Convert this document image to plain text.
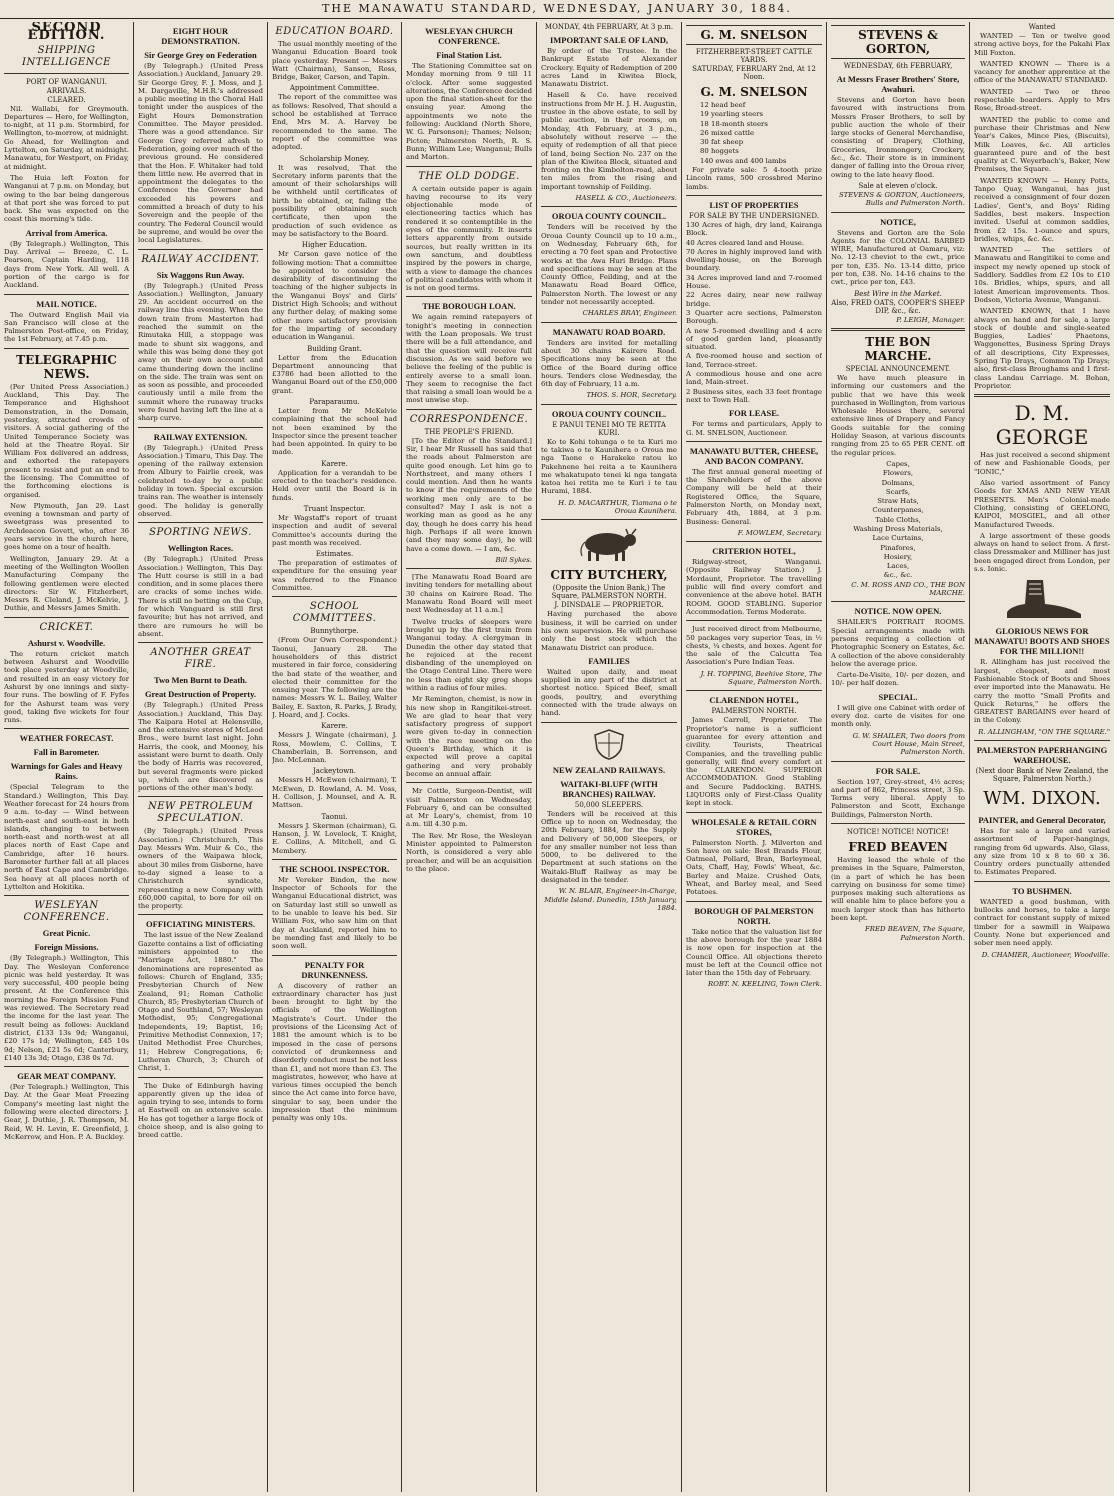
THE MANAWATU STANDARD, WEDNESDAY, JANUARY 30, 1884.
SECOND EDITION.
SHIPPING INTELLIGENCE
PORT OF WANGANUI.
ARRIVALS.
CLEARED.

Nil. Wallabi, for Greymouth. Departures — Hero, for Wellington, to-night, at 11 p.m. Stormbird, for Wellington, to-morrow, at midnight. Go Ahead, for Wellington and Lyttelton, on Saturday, at midnight. Manawatu, for Westport, on Friday, at midnight.

The Huia left Foxton for Wanganui at 7 p.m. on Monday, but owing to the bar being dangerous at that port she was forced to put back. She was expected on the coast this morning's tide.

Arrival from America.

(By Telegraph.) Wellington, This Day. Arrival — Breeze, C. L. Pearson, Captain Harding, 118 days from New York. All well. A portion of the cargo is for Auckland.

MAIL NOTICE.

The Outward English Mail via San Francisco will close at the Palmerston Post-office, on Friday, the 1st February, at 7.45 p.m.

TELEGRAPHIC NEWS.

(Per United Press Association.) Auckland, This Day. The Temperance and Highshoot Demonstration, in the Domain, yesterday, attracted crowds of visitors. A social gathering of the United Temperance Society was held at the Theatre Royal. Sir William Fox delivered an address, and exhorted the ratepayers present to resist and put an end to the licensing. The Committee of the forthcoming elections is organised.

New Plymouth, Jan 29. Last evening a townsman and party of sweetgrass was presented to Archdeacon Govett, who, after 36 years service in the church here, goes home on a tour of health.

Wellington, January 29. At a meeting of the Wellington Woollen Manufacturing Company the following gentlemen were elected directors: Sir W. Fitzherbert, Messrs R. Cleland, J. McKelvie, J. Duthie, and Messrs James Smith.

CRICKET.
Ashurst v. Woodville.

The return cricket match between Ashurst and Woodville took place yesterday at Woodville, and resulted in an easy victory for Ashurst by one innings and sixty-four runs. The bowling of F. Fyfes for the Ashurst team was very good, taking five wickets for four runs.

WEATHER FORECAST.
Fall in Barometer.
Warnings for Gales and Heavy Rains.

(Special Telegram to the Standard.) Wellington, This Day. Weather forecast for 24 hours from 9 a.m. to-day — Wind between north-east and south-east in both islands, changing to between north-east and north-west at all places north of East Cape and Cambridge, after 16 hours. Barometer further fall at all places north of East Cape and Cambridge. Sea heavy at all places north of Lyttelton and Hokitika.

WESLEYAN CONFERENCE.
Great Picnic.
Foreign Missions.

(By Telegraph.) Wellington, This Day. The Wesleyan Conference picnic was held yesterday. It was very successful, 400 people being present. At the Conference this morning the Foreign Mission Fund was reviewed. The Secretary read the income for the last year. The result being as follows: Auckland district, £133 13s 9d; Wanganui, £20 17s 1d; Wellington, £45 10s 9d; Nelson, £21 5s 6d; Canterbury, £140 13s 3d; Otago, £38 0s 7d.

GEAR MEAT COMPANY.

(Per Telegraph.) Wellington, This Day. At the Gear Meat Freezing Company's meeting last night the following were elected directors: J. Gear, J. Duthie, J. R. Thompson, M. Reid, W. H. Levin, E. Greenfield, J. McKerrow, and Hon. P. A. Buckley.

EIGHT HOUR DEMONSTRATION.
Sir George Grey on Federation

(By Telegraph.) (United Press Association.) Auckland, January 29. Sir George Grey, F. J. Moss, and J. M. Dargaville, M.H.R.'s addressed a public meeting in the Choral Hall tonight under the auspices of the Eight Hours Demonstration Committee. The Mayor presided. There was a good attendance. Sir George Grey referred afresh to Federation, going over much of the previous ground. He considered that the Hon. F. Whitaker had told them little new. He averred that in appointment the delegates to the Conference the Governor had exceeded his powers and committed a breach of duty to his Sovereign and the people of the country. The Federal Council would be supreme, and would be over the local Legislatures.

RAILWAY ACCIDENT.
Six Waggons Run Away.

(By Telegraph.) (United Press Association.) Wellington, January 29. An accident occurred on the railway line this evening. When the down train from Masterton had reached the summit on the Rimutaka Hill, a stoppage was made to shunt six waggons, and while this was being done they got away on their own account and came thundering down the incline on the side. The train was sent on as soon as possible, and proceeded cautiously until a mile from the summit where the runaway trucks were found having left the line at a sharp curve.

RAILWAY EXTENSION.

(By Telegraph.) (United Press Association.) Timaru, This Day. The opening of the railway extension from Albury to Fairlie creek, was celebrated to-day by a public holiday in town. Special excursion trains ran. The weather is intensely good. The holiday is generally observed.

SPORTING NEWS.
Wellington Races.

(By Telegraph.) (United Press Association.) Wellington, This Day. The Hutt course is still in a bad condition, and in some places there are cracks of some inches wide. There is still no betting on the Cup, for which Vanguard is still first favourite; but has not arrived, and there are rumours he will be absent.

ANOTHER GREAT FIRE.
Two Men Burnt to Death.
Great Destruction of Property.

(By Telegraph.) (United Press Association.) Auckland, This Day. The Kaipara Hotel at Helensville, and the extensive stores of McLeod Bros., were burnt last night. John Harris, the cook, and Mooney, his assistant were burnt to death. Only the body of Harris was recovered, but several fragments were picked up, which are discovered as portions of the other man's body.

NEW PETROLEUM SPECULATION.

(By Telegraph.) (United Press Association.) Christchurch, This Day. Messrs Wm. Muir & Co., the owners of the Waipawa block, about 30 miles from Gisborne, have to-day signed a lease to a Christchurch syndicate, representing a new Company with £60,000 capital, to bore for oil on the property.

OFFICIATING MINISTERS.

The last issue of the New Zealand Gazette contains a list of officiating ministers appointed to the "Marriage Act, 1880." The denominations are represented as follows: Church of England, 335; Presbyterian Church of New Zealand, 91; Roman Catholic Church, 85; Presbyterian Church of Otago and Southland, 57; Wesleyan Methodist, 95; Congregational Independents, 19; Baptist, 16; Primitive Methodist Connexion, 17; United Methodist Free Churches, 11; Hebrew Congregations, 6; Lutheran Church, 3; Church of Christ, 1.

The Duke of Edinburgh having apparently given up the idea of again trying to see, intends to form at Eastwell on an extensive scale. He has got together a large flock of choice sheep, and is also going to breed cattle.

EDUCATION BOARD.

The usual monthly meeting of the Wanganui Education Board took place yesterday. Present — Messrs Watt (Chairman), Sanson, Ross, Bridge, Baker, Carson, and Tapin.

Appointment Committee.

The report of the committee was as follows: Resolved, That should a school be established at Terrace End, Mrs M. A. Harvey be recommended to the same. The report of the committee was adopted.

Scholarship Money.

It was resolved, That the Secretary inform parents that the amount of their scholarships will be withheld until certificates of birth be obtained, or, failing the possibility of obtaining such certificate, then upon the production of such evidence as may be satisfactory to the Board.

Higher Education.

Mr Carson gave notice of the following motion: That a committee be appointed to consider the desirability of discontinuing the teaching of the higher subjects in the Wanganui Boys' and Girls' District High Schools; and without any further delay, of making some other more satisfactory provision for the imparting of secondary education in Wanganui.

Building Grant.

Letter from the Education Department announcing that £3786 had been allotted to the Wanganui Board out of the £50,000 grant.

Paraparaumu.

Letter from Mr McKelvie complaining that the school had not been examined by the Inspector since the present teacher had been appointed. In quiry to be made.

Karere.

Application for a verandah to be erected to the teacher's residence. Held over until the Board is in funds.

Truant Inspector.

Mr Wagstaff's report of truant inspection and audit of several Committee's accounts during the past month was received.

Estimates.

The preparation of estimates of expenditure for the ensuing year was referred to the Finance Committee.

SCHOOL COMMITTEES.
Bunnythorpe.

(From Our Own Correspondent.) Taonui, January 28. The householders of this district mustered in fair force, considering the bad state of the weather, and elected their committee for the ensuing year. The following are the names: Messrs W. L. Bailey, Walter Bailey, E. Saxton, R. Parks, J. Brady, J. Hoard, and J. Cocks.

Karere.

Messrs J. Wingate (chairman), J. Ross, Mowlem, C. Collins, T. Chamberlain, B. Sorrenson, and Jno. McLennan.

Jackeytown.

Messrs H. McEwen (chairman), T. McEwen, D. Rowland, A. M. Voss, H. Collison, J. Mounsel, and A. R. Mattson.

Taonui.

Messrs J. Skerman (chairman), G. Hanson, J. W. Lovelock, T. Knight, E. Collins, A. Mitchell, and G. Membery.

THE SCHOOL INSPECTOR.

Mr Vereker Bindon, the new Inspector of Schools for the Wanganui Educational district, was on Saturday last still so unwell as to be unable to leave his bed. Sir William Fox, who saw him on that day at Auckland, reported him to be mending fast and likely to be soon well.

PENALTY FOR DRUNKENNESS.

A discovery of rather an extraordinary character has just been brought to light by the officials of the Wellington Magistrate's Court. Under the provisions of the Licensing Act of 1881 the amount which is to be imposed in the case of persons convicted of drunkenness and disorderly conduct must be not less than £1, and not more than £3. The magistrates, however, who have at various times occupied the bench since the Act came into force have, singular to say, been under the impression that the minimum penalty was only 10s.

WESLEYAN CHURCH CONFERENCE.
Final Station List.

The Stationing Committee sat on Monday morning from 9 till 11 o'clock. After some suggested alterations, the Conference decided upon the final station-sheet for the ensuing year. Among the appointments we note the following: Auckland (North Shore, W. G. Parsonson); Thames; Nelson; Picton; Palmerston North, R. S. Bunn; William Lee; Wanganui; Bulls and Marton.

THE OLD DODGE.

A certain outside paper is again having recourse to its very objectionable mode of electioneering tactics which has rendered it so contemptible in the eyes of the community. It inserts letters apparently from outside sources, but really written in its own sanctum, and doubtless inspired by the powers in charge, with a view to damage the chances of political candidates with whom it is not on good terms.

THE BOROUGH LOAN.

We again remind ratepayers of tonight's meeting in connection with the Loan proposals. We trust there will be a full attendance, and that the question will receive full discussion. As we said before we believe the feeling of the public is entirely averse to a small loan. They seem to recognise the fact that raising a small loan would be a most unwise step.

CORRESPONDENCE.
THE PEOPLE'S FRIEND.

[To the Editor of the Standard.] Sir, I hear Mr Russell has said that the roads about Palmerston are quite good enough. Let him go to Northstreet, and many others I could mention. And then he wants to know if the requirements of the working men only are to be consulted? May I ask is not a working man as good as he any day, though he does carry his head high. Perhaps if all were known (and they may some day), he will have a come down. — I am, &c.

Bill Sykes.

[The Manawatu Road Board are inviting tenders for metalling about 30 chains on Kairere Road. The Manawatu Road Board will meet next Wednesday at 11 a.m.]

Twelve trucks of sleepers were brought up by the first train from Wanganui today. A clergyman in Dunedin the other day stated that he rejoiced at the recent disbanding of the unemployed on the Otago Central Line. There were no less than eight sky grog shops within a radius of four miles.

Mr Remington, chemist, is now in his new shop in Rangitikei-street. We are glad to hear that very satisfactory progress of support were given to-day in connection with the race meeting on the Queen's Birthday, which it is expected will prove a capital gathering and very probably become an annual affair.

Mr Cottle, Surgeon-Dentist, will visit Palmerston on Wednesday, February 6, and can be consulted at Mr Leary's, chemist, from 10 a.m. till 4.30 p.m.

The Rev. Mr Rose, the Wesleyan Minister appointed to Palmerston North, is considered a very able preacher, and will be an acquisition to the place.

MONDAY, 4th FEBRUARY, At 3 p.m.
IMPORTANT SALE OF LAND,

By order of the Trustee. In the Bankrupt Estate of Alexander Crockery. Equity of Redemption of 200 acres Land in Kiwitea Block, Manawatu District.

Hasell & Co. have received instructions from Mr H. J. H. Augustin, trustee in the above estate, to sell by public auction, in their rooms, on Monday, 4th February, at 3 p.m., absolutely without reserve — the equity of redemption of all that piece of land, being Section No. 237 on the plan of the Kiwitea Block, situated and fronting on the Kimbolton-road, about ten miles from the rising and important township of Feilding.

HASELL & CO., Auctioneers.
OROUA COUNTY COUNCIL.

Tenders will be received by the Oroua County Council up to 10 a.m., on Wednesday, February 6th, for erecting a 70 feet span and Protective works at the Awa Huri Bridge. Plans and specifications may be seen at the County Office, Feilding, and at the Manawatu Road Board Office, Palmerston North. The lowest or any tender not necessarily accepted.

CHARLES BRAY, Engineer.
MANAWATU ROAD BOARD.

Tenders are invited for metalling about 30 chains Kairere Road. Specifications may be seen at the Office of the Board during office hours. Tenders close Wednesday, the 6th day of February, 11 a.m.

THOS. S. HOR, Secretary.
OROUA COUNTY COUNCIL.
E PANUI TENEI MO TE RETITA KURI.

Ko te Kohi tohunga o te ta Kuri mo te takiwa o te Kaunihera o Oroua me nga Taone o Harakeke ratou ko Pakehnene hei reita a te Kaunihera me whakatupato tenei ki nga tangata katoa hei retita mo te Kuri i te tau Hurami, 1884.

H. D. MACARTHUR, Tiamana o te Oroua Kaunihera.
CITY BUTCHERY,
(Opposite the Union Bank,) The Square, PALMERSTON NORTH.
J. DINSDALE — PROPRIETOR.

Having purchased the above business, it will be carried on under his own supervision. He will purchase only the best stock which the Manawatu District can produce.

FAMILIES

Waited upon daily, and meat supplied in any part of the district at shortest notice. Spiced Beef, small goods, poultry, and everything connected with the trade always on hand.

NEW ZEALAND RAILWAYS.
WAITAKI-BLUFF (WITH BRANCHES) RAILWAY.
50,000 SLEEPERS.

Tenders will be received at this Office up to noon on Wednesday, the 20th February, 1884, for the Supply and Delivery of 50,000 Sleepers, or for any smaller number not less than 5000, to be delivered to the Department at such stations on the Waitaki-Bluff Railway as may be designated in the tender.

W. N. BLAIR, Engineer-in-Charge, Middle Island. Dunedin, 15th January, 1884.
G. M. SNELSON
FITZHERBERT-STREET CATTLE YARDS.
SATURDAY, FEBRUARY 2nd, At 12 Noon.
G. M. SNELSON
12 head beef
19 yearling steers
18 18-month steers
26 mixed cattle
30 fat sheep
80 hoggets
140 ewes and 400 lambs

For private sale: 5 4-tooth prize Lincoln rams, 500 crossbred Merino lambs.

LIST OF PROPERTIES
FOR SALE BY THE UNDERSIGNED.
130 Acres of high, dry land, Kairanga Block.
40 Acres cleared land and House.
70 Acres in highly improved land with dwelling-house, on the Borough boundary.
34 Acres improved land and 7-roomed House.
22 Acres dairy, near new railway bridge.
3 Quarter acre sections, Palmerston Borough.
A new 5-roomed dwelling and 4 acre of good garden land, pleasantly situated.
A five-roomed house and section of land, Terrace-street.
A commodious house and one acre land, Main-street.
2 Business sites, each 33 feet frontage next to Town Hall.
FOR LEASE.

For terms and particulars, Apply to G. M. SNELSON, Auctioneer.

MANAWATU BUTTER, CHEESE, AND BACON COMPANY.

The first annual general meeting of the Shareholders of the above Company will be held at their Registered Office, the Square, Palmerston North, on Monday next, February 4th, 1884, at 3 p.m. Business: General.

F. MOWLEM, Secretary.
CRITERION HOTEL,

Ridgway-street, Wanganui. (Opposite Railway Station.) J. Mordaunt, Proprietor. The travelling public will find every comfort and convenience at the above hotel. BATH ROOM. GOOD STABLING. Superior Accommodation. Terms Moderate.

Just received direct from Melbourne, 50 packages very superior Teas, in ½ chests, ¼ chests, and boxes. Agent for the sale of the Calcutta Tea Association's Pure Indian Teas.

J. H. TOPPING, Beehive Store, The Square, Palmerston North.
CLARENDON HOTEL,
PALMERSTON NORTH.

James Carroll, Proprietor. The Proprietor's name is a sufficient guarantee for every attention and civility. Tourists, Theatrical Companies, and the travelling public generally, will find every comfort at the CLARENDON. SUPERIOR ACCOMMODATION. Good Stabling and Secure Paddocking. BATHS. LIQUORS only of First-Class Quality kept in stock.

WHOLESALE & RETAIL CORN STORES,

Palmerston North. J. Milverton and Son have on sale: Best Brands Flour, Oatmeal, Pollard, Bran, Barleymeal, Oats, Chaff, Hay, Fowls' Wheat, &c. Barley and Maize. Crushed Oats, Wheat, and Barley meal, and Seed Potatoes.

BOROUGH OF PALMERSTON NORTH.

Take notice that the valuation list for the above borough for the year 1884 is now open for inspection at the Council Office. All objections thereto must be left at the Council office not later than the 15th day of February.

ROBT. N. KEELING, Town Clerk.
STEVENS & GORTON,
WEDNESDAY, 6th FEBRUARY,
At Messrs Fraser Brothers' Store, Awahuri.

Stevens and Gorton have been favoured with instructions from Messrs Fraser Brothers, to sell by public auction the whole of their large stocks of General Merchandise, consisting of Drapery, Clothing, Groceries, Ironmongery, Crockery, &c., &c. Their store is in imminent danger of falling into the Oroua river, owing to the late heavy flood.

Sale at eleven o'clock.
STEVENS & GORTON, Auctioneers, Bulls and Palmerston North.
NOTICE,

Stevens and Gorton are the Sole Agents for the COLONIAL BARBED WIRE, Manufactured at Oamaru, viz: No. 12-13 cheviot to the cwt., price per ton, £35. No. 13-14 ditto, price per ton, £38. No. 14-16 chains to the cwt., price per ton, £43.

Best Wire in the Market.
Also, FRED OATS, COOPER'S SHEEP DIP, &c., &c.
P. LEIGH, Manager.
THE BON MARCHE.
SPECIAL ANNOUNCEMENT.

We have much pleasure in informing our customers and the public that we have this week purchased in Wellington, from various Wholesale Houses there, several extensive lines of Drapery and Fancy Goods suitable for the coming Holiday Season, at various discounts ranging from 25 to 65 PER CENT. off the regular prices.

Capes,
Flowers,
Dolmans,
Scarfs,
Straw Hats,
Counterpanes,
Table Cloths,
Washing Dress Materials,
Lace Curtains,
Pinafores,
Hosiery,
Laces,
&c., &c.
C. M. ROSS AND CO., THE BON MARCHE.
NOTICE. NOW OPEN.

SHAILER'S PORTRAIT ROOMS. Special arrangements made with persons requiring a collection of Photographic Scenery on Estates, &c. A collection of the above considerably below the average price.

Carte-De-Visite, 10/- per dozen, and 10/- per half dozen.

SPECIAL.

I will give one Cabinet with order of every doz. carte de visites for one month only.

G. W. SHAILER, Two doors from Court House, Main Street, Palmerston North.
FOR SALE.

Section 197, Grey-street, 4½ acres; and part of 862, Princess street, 3 Sp. Terms very liberal. Apply to Palmerston and Scott, Exchange Buildings, Palmerston North.

NOTICE! NOTICE! NOTICE!
FRED BEAVEN

Having leased the whole of the premises in the Square, Palmerston, (in a part of which he has been carrying on business for some time) purposes making such alterations as will enable him to place before you a much larger stock than has hitherto been kept.

FRED BEAVEN, The Square, Palmerston North.
Wanted

WANTED — Ten or twelve good strong active boys, for the Pakahi Flax Mill Foxton.

WANTED KNOWN — There is a vacancy for another apprentice at the office of the MANAWATU STANDARD.

WANTED — Two or three respectable boarders. Apply to Mrs Rose, Broad-street.

WANTED the public to come and purchase their Christmas and New Year's Cakes, Mince Pies, (Biscuits), Milk Loaves, &c. All articles guaranteed pure and of the best quality at C. Weyerbach's, Baker, New Premises, the Square.

WANTED KNOWN — Henry Potts, Tanpo Quay, Wanganui, has just received a consignment of four dozen Ladies', Gent's, and Boys' Riding Saddles, best makers. Inspection invited. Useful at common saddles, from £2 15s. 1-ounce and spurs, bridles, whips, &c. &c.

WANTED — The settlers of Manawatu and Rangitikei to come and inspect my newly opened up stock of Saddlery. Saddles from £2 10s to £10 10s. Bridles, whips, spurs, and all latest American improvements. Thos. Dodson, Victoria Avenue, Wanganui.

WANTED KNOWN, that I have always on hand and for sale, a large stock of double and single-seated Buggies, Ladies' Phaetons, Waggonettes, Business Spring Drays of all descriptions, City Expresses, Spring Tip Drays, Common Tip Drays; also, first-class Broughams and 1 first-class Landau Carriage. M. Bohan, Proprietor.

D. M. GEORGE

Has just received a second shipment of new and Fashionable Goods, per "IONIC,"

Also varied assortment of Fancy Goods for XMAS AND NEW YEAR PRESENTS. Men's Colonial-made Clothing, consisting of GEELONG, KAIPOI, MOSGIEL, and all other Manufactured Tweeds.

A large assortment of these goods always on hand to select from. A first-class Dressmaker and Milliner has just been engaged direct from London, per s.s. Ionic.

GLORIOUS NEWS FOR MANAWATU! BOOTS AND SHOES FOR THE MILLION!!

R. Allingham has just received the largest, cheapest, and most Fashionable Stock of Boots and Shoes ever imported into the Manawatu. He carry the motto "Small Profits and Quick Returns," he offers the GREATEST BARGAINS ever heard of in the Colony.

R. ALLINGHAM, "ON THE SQUARE."
PALMERSTON PAPERHANGING WAREHOUSE.
(Next door Bank of New Zealand, the Square, Palmerston North.)
WM. DIXON.
PAINTER, and General Decorator,

Has for sale a large and varied assortment of Paper-hangings, ranging from 6d upwards. Also, Glass, any size from 10 x 8 to 60 x 36. Country orders punctually attended to. Estimates Prepared.

TO BUSHMEN.

WANTED a good bushman, with bullocks and horses, to take a large contract for constant supply of mixed timber for a sawmill in Waipawa County. None but experienced and sober men need apply.

D. CHAMIER, Auctioneer, Woodville.
